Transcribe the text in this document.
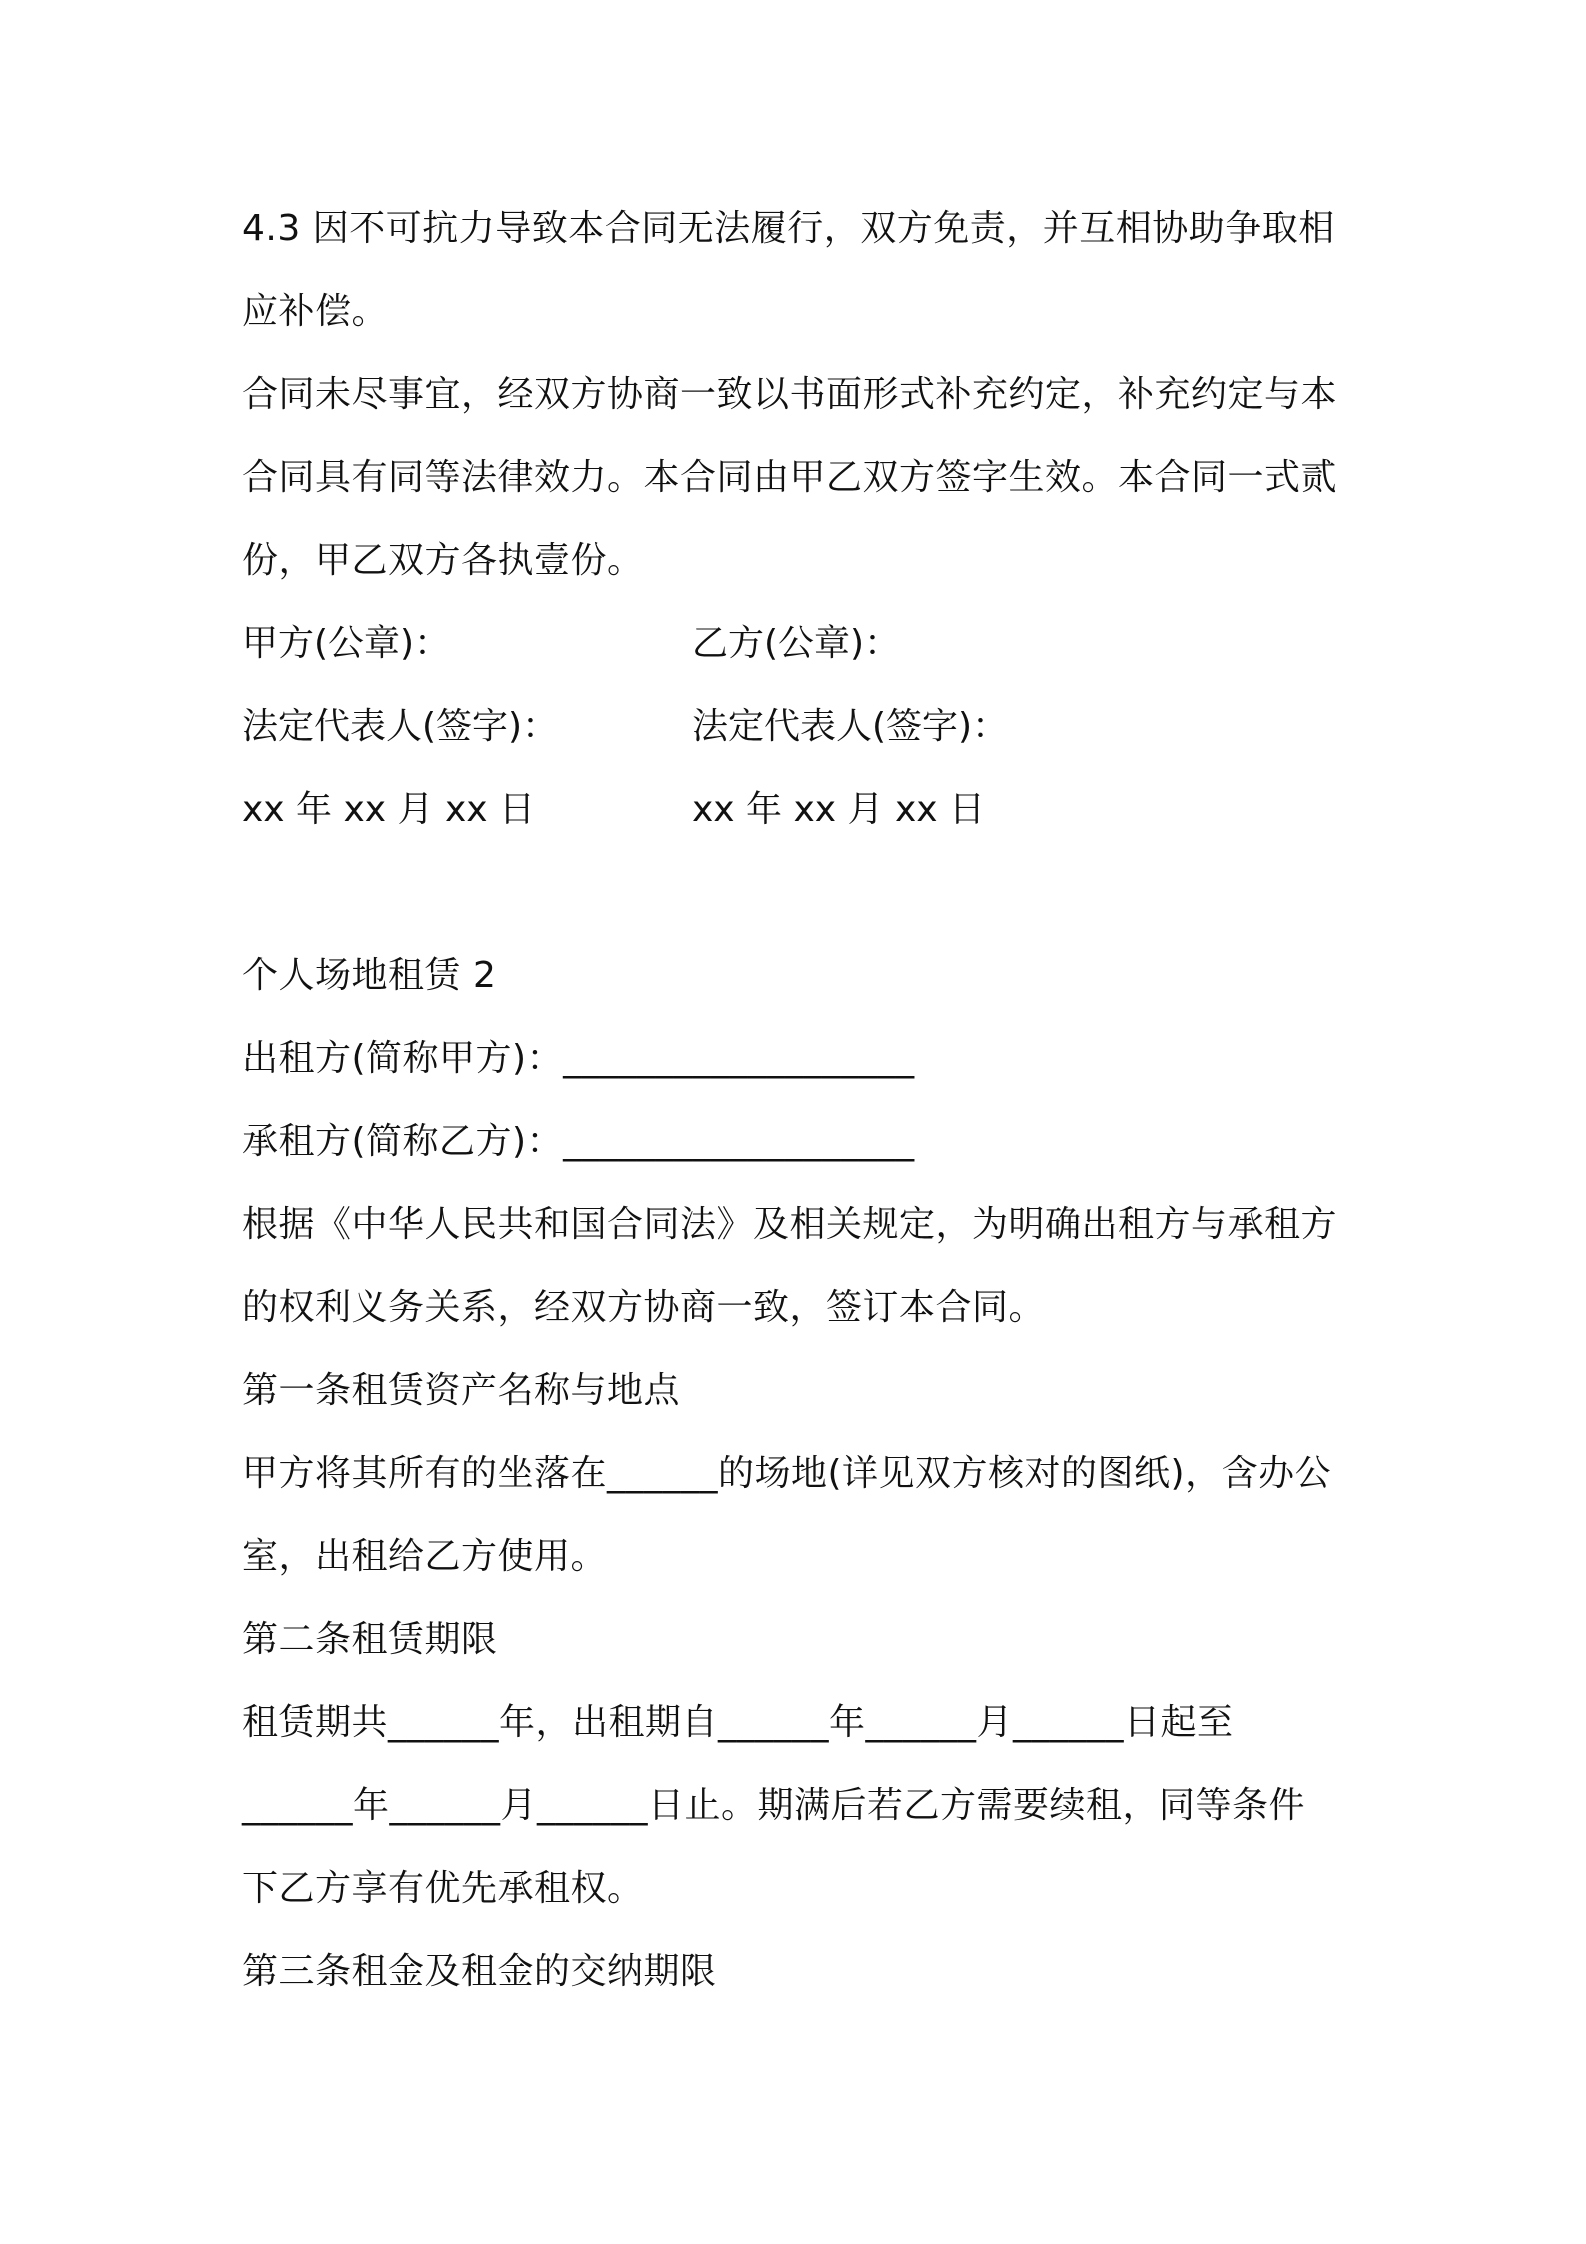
4.3 因不可抗力导致本合同无法履行，双方免责，并互相协助争取相
应补偿。
合同未尽事宜，经双方协商一致以书面形式补充约定，补充约定与本
合同具有同等法律效力。本合同由甲乙双方签字生效。本合同一式贰
份，甲乙双方各执壹份。
甲方(公章)：	乙方(公章)：
法定代表人(签字)：	法定代表人(签字)：
xx 年 xx 月 xx 日	xx 年 xx 月 xx 日
个人场地租赁 2
出租方(简称甲方)：___________________
承租方(简称乙方)：___________________
根据《中华人民共和国合同法》及相关规定，为明确出租方与承租方
的权利义务关系，经双方协商一致，签订本合同。
第一条租赁资产名称与地点
甲方将其所有的坐落在______的场地(详见双方核对的图纸)，含办公
室，出租给乙方使用。
第二条租赁期限
租赁期共______年，出租期自______年______月______日起至
______年______月______日止。期满后若乙方需要续租，同等条件
下乙方享有优先承租权。
第三条租金及租金的交纳期限
